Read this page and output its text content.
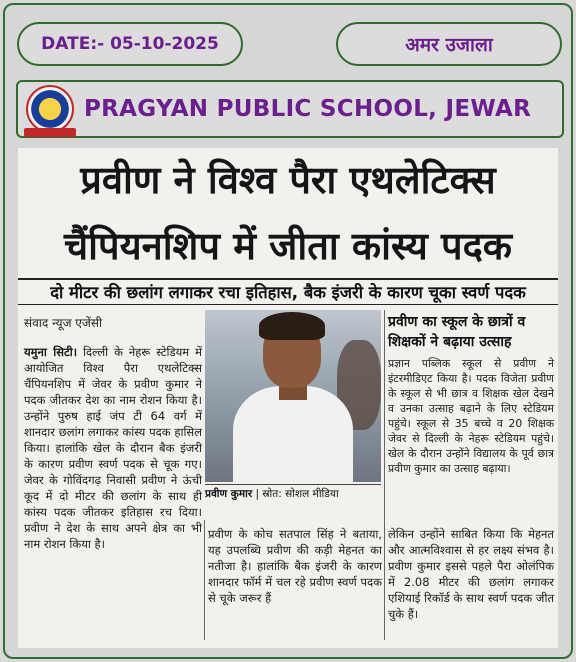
DATE:- 05-10-2025	अमर उजाला
PRAGYAN PUBLIC SCHOOL, JEWAR
प्रवीण ने विश्व पैरा एथलेटिक्स
चैंपियनशिप में जीता कांस्य पदक
दो मीटर की छलांग लगाकर रचा इतिहास, बैक इंजरी के कारण चूका स्वर्ण पदक
संवाद न्यूज एजेंसी
यमुना सिटी। दिल्ली के नेहरू स्टेडियम में आयोजित विश्व पैरा एथलेटिक्स चैंपियनशिप में जेवर के प्रवीण कुमार ने पदक जीतकर देश का नाम रोशन किया है। उन्होंने पुरुष हाई जंप टी 64 वर्ग में शानदार छलांग लगाकर कांस्य पदक हासिल किया। हालांकि खेल के दौरान बैक इंजरी के कारण प्रवीण स्वर्ण पदक से चूक गए। जेवर के गोविंदगढ़ निवासी प्रवीण ने ऊंची कूद में दो मीटर की छलांग के साथ ही कांस्य पदक जीतकर इतिहास रच दिया। प्रवीण ने देश के साथ अपने क्षेत्र का भी नाम रोशन किया है।
प्रवीण कुमार | स्रोत: सोशल मीडिया
प्रवीण का स्कूल के छात्रों व शिक्षकों ने बढ़ाया उत्साह
प्रज्ञान पब्लिक स्कूल से प्रवीण ने इंटरमीडिएट किया है। पदक विजेता प्रवीण के स्कूल से भी छात्र व शिक्षक खेल देखने व उनका उत्साह बढ़ाने के लिए स्टेडियम पहुंचे। स्कूल से 35 बच्चे व 20 शिक्षक जेवर से दिल्ली के नेहरू स्टेडियम पहुंचे। खेल के दौरान उन्होंने विद्यालय के पूर्व छात्र प्रवीण कुमार का उत्साह बढ़ाया।
प्रवीण के कोच सतपाल सिंह ने बताया, यह उपलब्धि प्रवीण की कड़ी मेहनत का नतीजा है। हालांकि बैक इंजरी के कारण शानदार फॉर्म में चल रहे प्रवीण स्वर्ण पदक से चूके जरूर हैं
लेकिन उन्होंने साबित किया कि मेहनत और आत्मविश्वास से हर लक्ष्य संभव है। प्रवीण कुमार इससे पहले पैरा ओलंपिक में 2.08 मीटर की छलांग लगाकर एशियाई रिकॉर्ड के साथ स्वर्ण पदक जीत चुके हैं।
